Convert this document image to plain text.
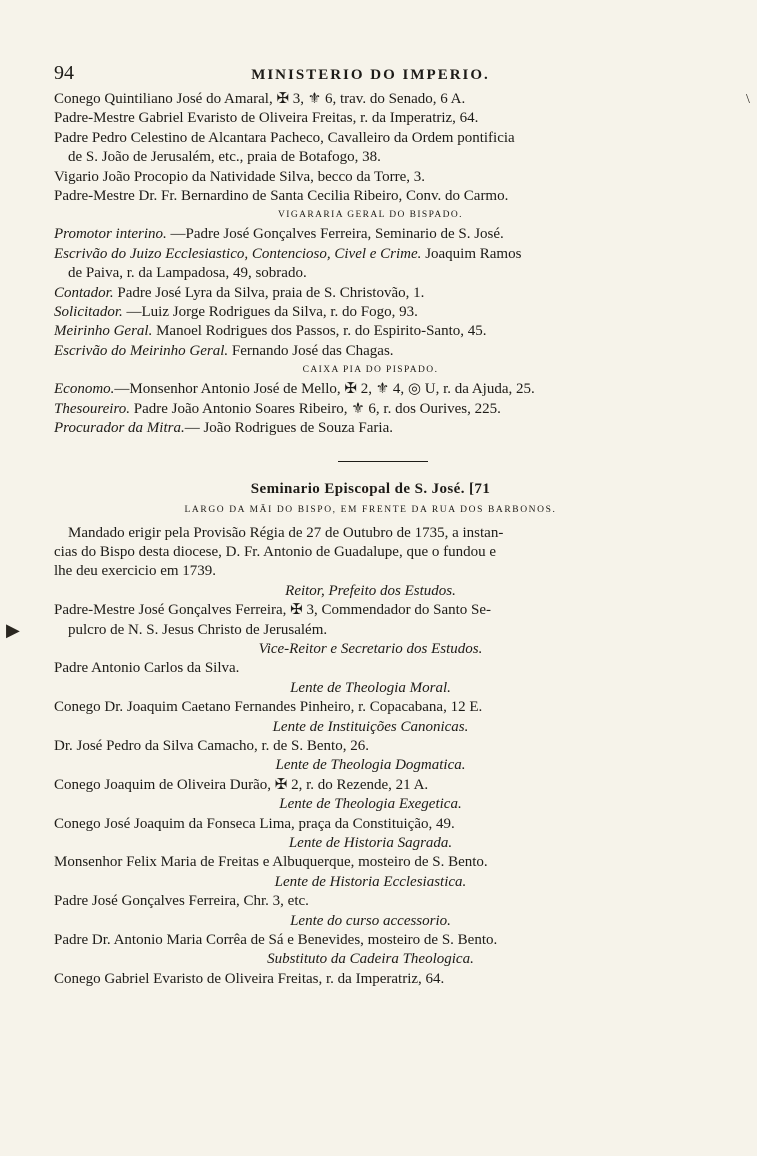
94	MINISTERIO DO IMPERIO.
Conego Quintiliano José do Amaral, ✠ 3, ⚜ 6, trav. do Senado, 6 A.
Padre-Mestre Gabriel Evaristo de Oliveira Freitas, r. da Imperatriz, 64.
Padre Pedro Celestino de Alcantara Pacheco, Cavalleiro da Ordem pontificia
de S. João de Jerusalém, etc., praia de Botafogo, 38.
Vigario João Procopio da Natividade Silva, becco da Torre, 3.
Padre-Mestre Dr. Fr. Bernardino de Santa Cecilia Ribeiro, Conv. do Carmo.
VIGARARIA GERAL DO BISPADO.
Promotor interino. —Padre José Gonçalves Ferreira, Seminario de S. José.
Escrivão do Juizo Ecclesiastico, Contencioso, Civel e Crime. Joaquim Ramos
de Paiva, r. da Lampadosa, 49, sobrado.
Contador. Padre José Lyra da Silva, praia de S. Christovão, 1.
Solicitador. —Luiz Jorge Rodrigues da Silva, r. do Fogo, 93.
Meirinho Geral. Manoel Rodrigues dos Passos, r. do Espirito-Santo, 45.
Escrivão do Meirinho Geral. Fernando José das Chagas.
CAIXA PIA DO PISPADO.
Economo.—Monsenhor Antonio José de Mello, ✠ 2, ⚜ 4, ◎ U, r. da Ajuda, 25.
Thesoureiro. Padre João Antonio Soares Ribeiro, ⚜ 6, r. dos Ourives, 225.
Procurador da Mitra.— João Rodrigues de Souza Faria.
Seminario Episcopal de S. José. [71
LARGO DA MÃI DO BISPO, EM FRENTE DA RUA DOS BARBONOS.
Mandado erigir pela Provisão Régia de 27 de Outubro de 1735, a instan-
cias do Bispo desta diocese, D. Fr. Antonio de Guadalupe, que o fundou e
lhe deu exercicio em 1739.
Reitor, Prefeito dos Estudos.
Padre-Mestre José Gonçalves Ferreira, ✠ 3, Commendador do Santo Se-
pulcro de N. S. Jesus Christo de Jerusalém.
Vice-Reitor e Secretario dos Estudos.
Padre Antonio Carlos da Silva.
Lente de Theologia Moral.
Conego Dr. Joaquim Caetano Fernandes Pinheiro, r. Copacabana, 12 E.
Lente de Instituições Canonicas.
Dr. José Pedro da Silva Camacho, r. de S. Bento, 26.
Lente de Theologia Dogmatica.
Conego Joaquim de Oliveira Durão, ✠ 2, r. do Rezende, 21 A.
Lente de Theologia Exegetica.
Conego José Joaquim da Fonseca Lima, praça da Constituição, 49.
Lente de Historia Sagrada.
Monsenhor Felix Maria de Freitas e Albuquerque, mosteiro de S. Bento.
Lente de Historia Ecclesiastica.
Padre José Gonçalves Ferreira, Chr. 3, etc.
Lente do curso accessorio.
Padre Dr. Antonio Maria Corrêa de Sá e Benevides, mosteiro de S. Bento.
Substituto da Cadeira Theologica.
Conego Gabriel Evaristo de Oliveira Freitas, r. da Imperatriz, 64.
\
▶
